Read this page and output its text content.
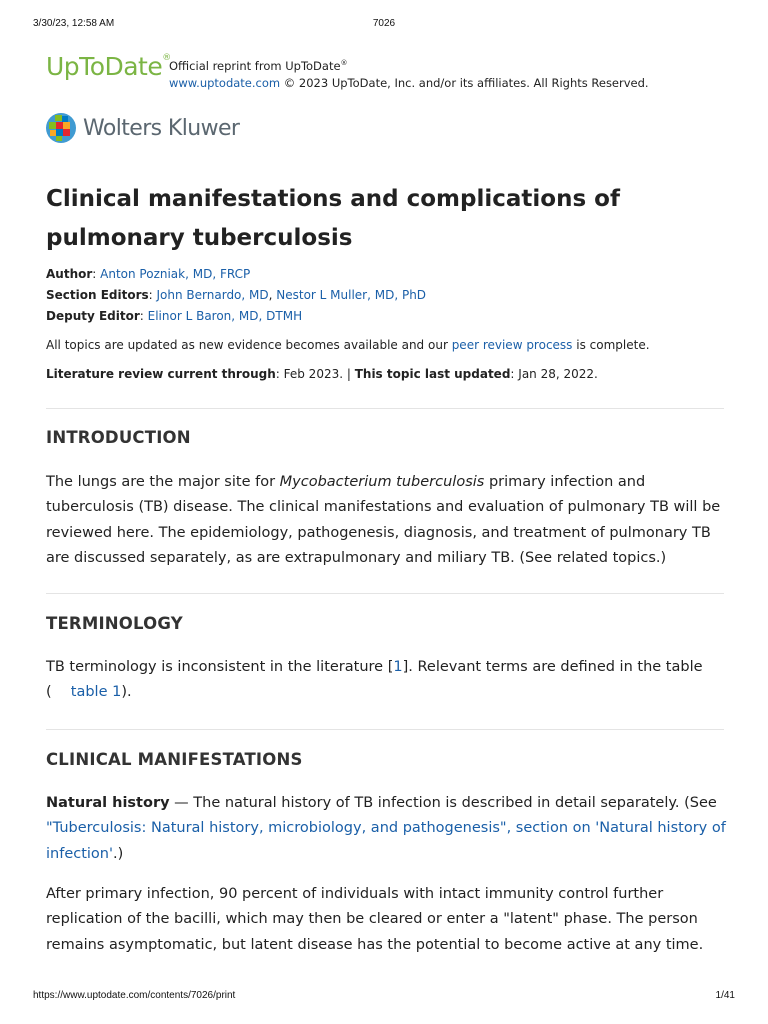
3/30/23, 12:58 AM	7026
UpToDate®
Official reprint from UpToDate®
www.uptodate.com © 2023 UpToDate, Inc. and/or its affiliates. All Rights Reserved.
Wolters Kluwer
Clinical manifestations and complications of pulmonary tuberculosis
Author: Anton Pozniak, MD, FRCP
Section Editors: John Bernardo, MD, Nestor L Muller, MD, PhD
Deputy Editor: Elinor L Baron, MD, DTMH
All topics are updated as new evidence becomes available and our peer review process is complete.
Literature review current through: Feb 2023. | This topic last updated: Jan 28, 2022.
INTRODUCTION

The lungs are the major site for Mycobacterium tuberculosis primary infection and tuberculosis (TB) disease. The clinical manifestations and evaluation of pulmonary TB will be reviewed here. The epidemiology, pathogenesis, diagnosis, and treatment of pulmonary TB are discussed separately, as are extrapulmonary and miliary TB. (See related topics.)

TERMINOLOGY

TB terminology is inconsistent in the literature [1]. Relevant terms are defined in the table (  table 1).

CLINICAL MANIFESTATIONS

Natural history — The natural history of TB infection is described in detail separately. (See "Tuberculosis: Natural history, microbiology, and pathogenesis", section on 'Natural history of infection'.)

After primary infection, 90 percent of individuals with intact immunity control further replication of the bacilli, which may then be cleared or enter a "latent" phase. The person remains asymptomatic, but latent disease has the potential to become active at any time.

https://www.uptodate.com/contents/7026/print	1/41
